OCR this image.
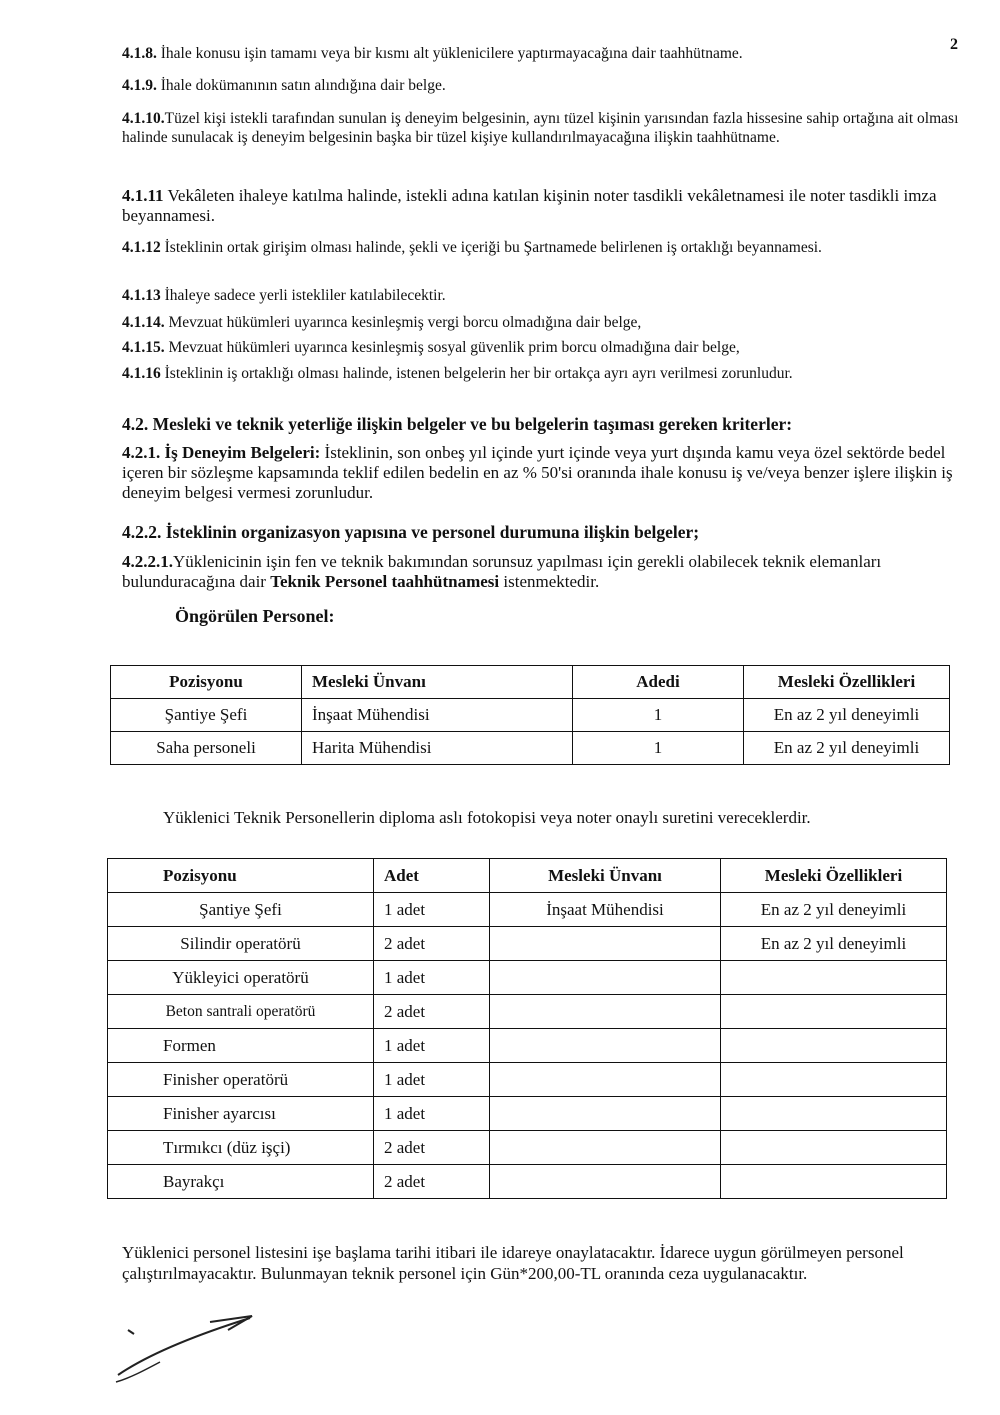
2
4.1.8. İhale konusu işin tamamı veya bir kısmı alt yüklenicilere yaptırmayacağına dair taahhütname.
4.1.9. İhale dokümanının satın alındığına dair belge.
4.1.10.Tüzel kişi istekli tarafından sunulan iş deneyim belgesinin, aynı tüzel kişinin yarısından fazla hissesine sahip ortağına ait olması halinde sunulacak iş deneyim belgesinin başka bir tüzel kişiye kullandırılmayacağına ilişkin taahhütname.
4.1.11 Vekâleten ihaleye katılma halinde, istekli adına katılan kişinin noter tasdikli vekâletnamesi ile noter tasdikli imza beyannamesi.
4.1.12 İsteklinin ortak girişim olması halinde, şekli ve içeriği bu Şartnamede belirlenen iş ortaklığı beyannamesi.
4.1.13 İhaleye sadece yerli istekliler katılabilecektir.
4.1.14. Mevzuat hükümleri uyarınca kesinleşmiş vergi borcu olmadığına dair belge,
4.1.15. Mevzuat hükümleri uyarınca kesinleşmiş sosyal güvenlik prim borcu olmadığına dair belge,
4.1.16 İsteklinin iş ortaklığı olması halinde, istenen belgelerin her bir ortakça ayrı ayrı verilmesi zorunludur.
4.2. Mesleki ve teknik yeterliğe ilişkin belgeler ve bu belgelerin taşıması gereken kriterler:
4.2.1. İş Deneyim Belgeleri: İsteklinin, son onbeş yıl içinde yurt içinde veya yurt dışında kamu veya özel sektörde bedel içeren bir sözleşme kapsamında teklif edilen bedelin en az % 50'si oranında ihale konusu iş ve/veya benzer işlere ilişkin iş deneyim belgesi vermesi zorunludur.
4.2.2. İsteklinin organizasyon yapısına ve personel durumuna ilişkin belgeler;
4.2.2.1.Yüklenicinin işin fen ve teknik bakımından sorunsuz yapılması için gerekli olabilecek teknik elemanları bulunduracağına dair Teknik Personel taahhütnamesi istenmektedir.
Öngörülen Personel:
Pozisyonu	Mesleki Ünvanı	Adedi	Mesleki Özellikleri
Şantiye Şefi	İnşaat Mühendisi	1	En az 2 yıl deneyimli
Saha personeli	Harita Mühendisi	1	En az 2 yıl deneyimli
Yüklenici Teknik Personellerin diploma aslı fotokopisi veya noter onaylı suretini vereceklerdir.
Pozisyonu	Adet	Mesleki Ünvanı	Mesleki Özellikleri
Şantiye Şefi	1 adet	İnşaat Mühendisi	En az 2 yıl deneyimli
Silindir operatörü	2 adet		En az 2 yıl deneyimli
Yükleyici operatörü	1 adet		
Beton santrali operatörü	2 adet		
Formen	1 adet		
Finisher operatörü	1 adet		
Finisher ayarcısı	1 adet		
Tırmıkcı (düz işçi)	2 adet		
Bayrakçı	2 adet		
Yüklenici personel listesini işe başlama tarihi itibari ile idareye onaylatacaktır. İdarece uygun görülmeyen personel çalıştırılmayacaktır. Bulunmayan teknik personel için Gün*200,00-TL oranında ceza uygulanacaktır.
